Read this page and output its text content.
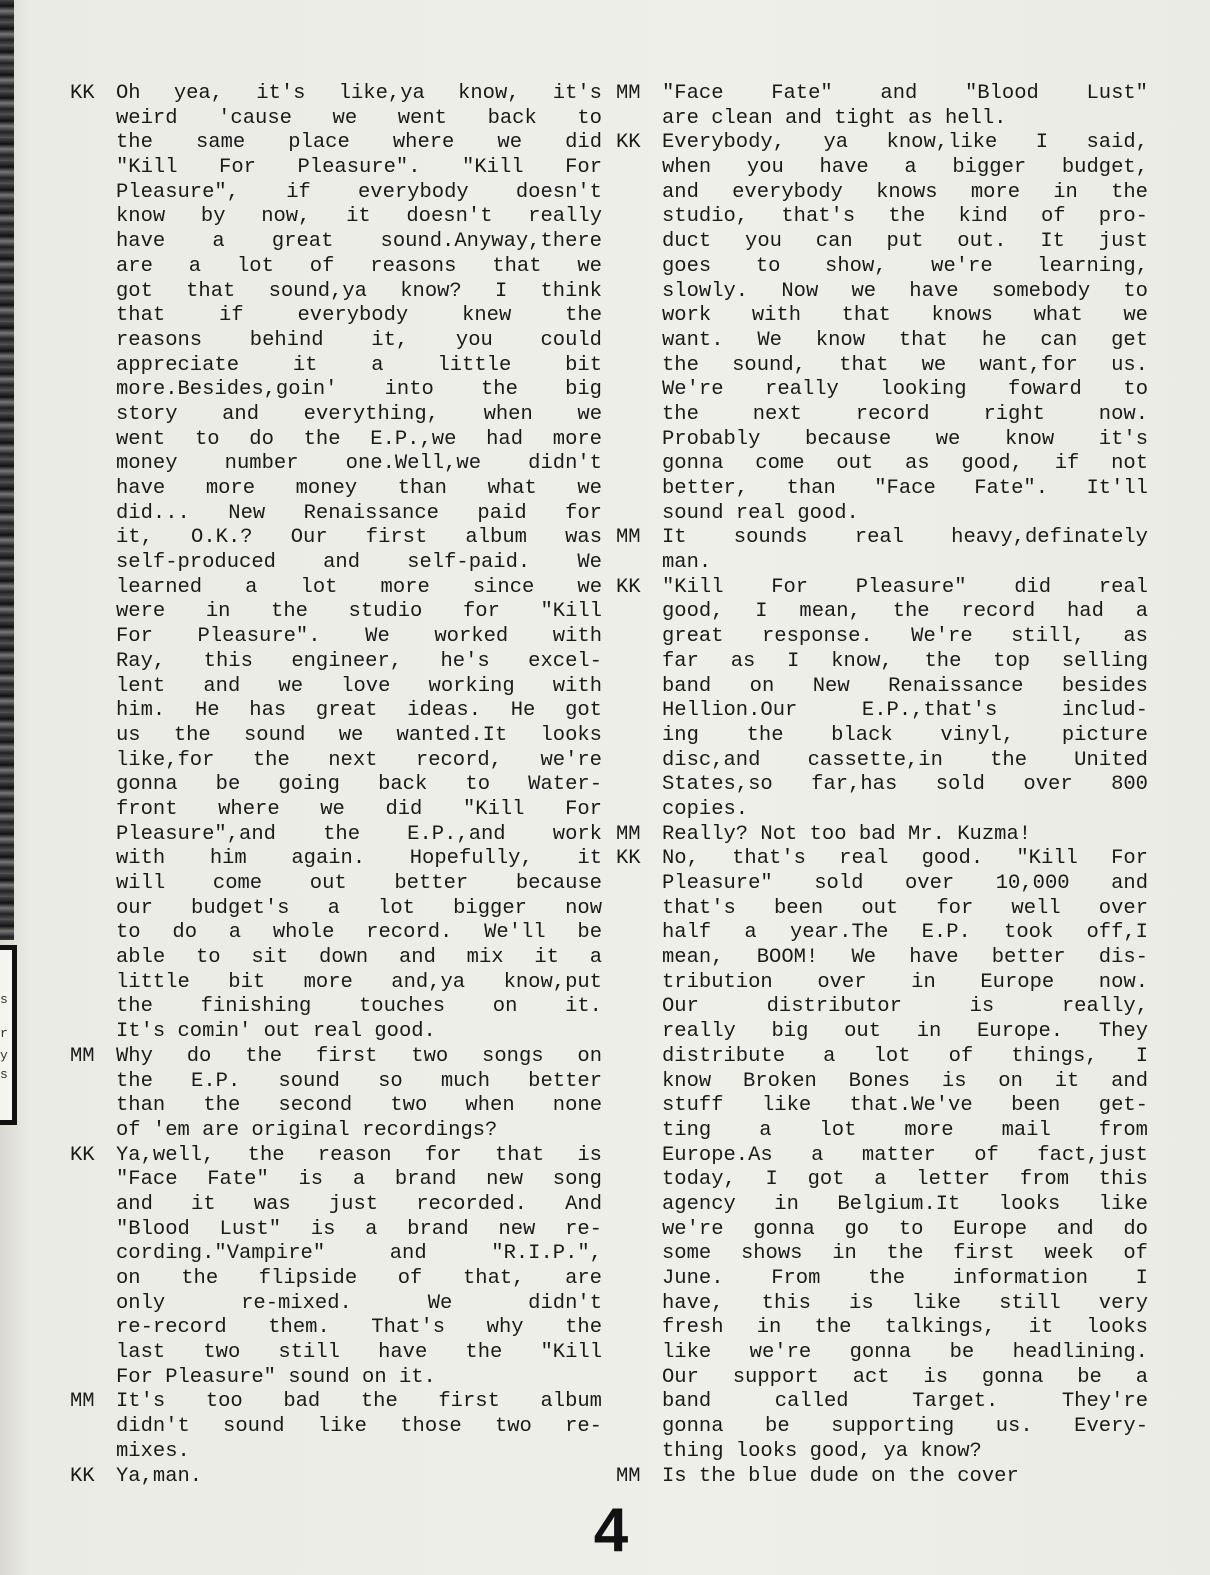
s
r
y
s
KK	Oh yea, it's like,ya know, it's
weird 'cause we went back to
the same place where we did
"Kill For Pleasure". "Kill For
Pleasure", if everybody doesn't
know by now, it doesn't really
have a great sound.Anyway,there
are a lot of reasons that we
got that sound,ya know? I think
that if everybody knew the
reasons behind it, you could
appreciate it a little bit
more.Besides,goin' into the big
story and everything, when we
went to do the E.P.,we had more
money number one.Well,we didn't
have more money than what we
did... New Renaissance paid for
it, O.K.? Our first album was
self-produced and self-paid. We
learned a lot more since we
were in the studio for "Kill
For Pleasure". We worked with
Ray, this engineer, he's excel-
lent and we love working with
him. He has great ideas. He got
us the sound we wanted.It looks
like,for the next record, we're
gonna be going back to Water-
front where we did "Kill For
Pleasure",and the E.P.,and work
with him again. Hopefully, it
will come out better because
our budget's a lot bigger now
to do a whole record. We'll be
able to sit down and mix it a
little bit more and,ya know,put
the finishing touches on it.
It's comin' out real good.
MM	Why do the first two songs on
the E.P. sound so much better
than the second two when none
of 'em are original recordings?
KK	Ya,well, the reason for that is
"Face Fate" is a brand new song
and it was just recorded. And
"Blood Lust" is a brand new re-
cording."Vampire" and "R.I.P.",
on the flipside of that, are
only re-mixed. We didn't
re-record them. That's why the
last two still have the "Kill
For Pleasure" sound on it.
MM	It's too bad the first album
didn't sound like those two re-
mixes.
KK	Ya,man.
MM	"Face Fate" and "Blood Lust"
are clean and tight as hell.
KK	Everybody, ya know,like I said,
when you have a bigger budget,
and everybody knows more in the
studio, that's the kind of pro-
duct you can put out. It just
goes to show, we're learning,
slowly. Now we have somebody to
work with that knows what we
want. We know that he can get
the sound, that we want,for us.
We're really looking foward to
the next record right now.
Probably because we know it's
gonna come out as good, if not
better, than "Face Fate". It'll
sound real good.
MM	It sounds real heavy,definately
man.
KK	"Kill For Pleasure" did real
good, I mean, the record had a
great response. We're still, as
far as I know, the top selling
band on New Renaissance besides
Hellion.Our E.P.,that's includ-
ing the black vinyl, picture
disc,and cassette,in the United
States,so far,has sold over 800
copies.
MM	Really? Not too bad Mr. Kuzma!
KK	No, that's real good. "Kill For
Pleasure" sold over 10,000 and
that's been out for well over
half a year.The E.P. took off,I
mean, BOOM! We have better dis-
tribution over in Europe now.
Our distributor is really,
really big out in Europe. They
distribute a lot of things, I
know Broken Bones is on it and
stuff like that.We've been get-
ting a lot more mail from
Europe.As a matter of fact,just
today, I got a letter from this
agency in Belgium.It looks like
we're gonna go to Europe and do
some shows in the first week of
June. From the information I
have, this is like still very
fresh in the talkings, it looks
like we're gonna be headlining.
Our support act is gonna be a
band called Target. They're
gonna be supporting us. Every-
thing looks good, ya know?
MM	Is the blue dude on the cover
4
